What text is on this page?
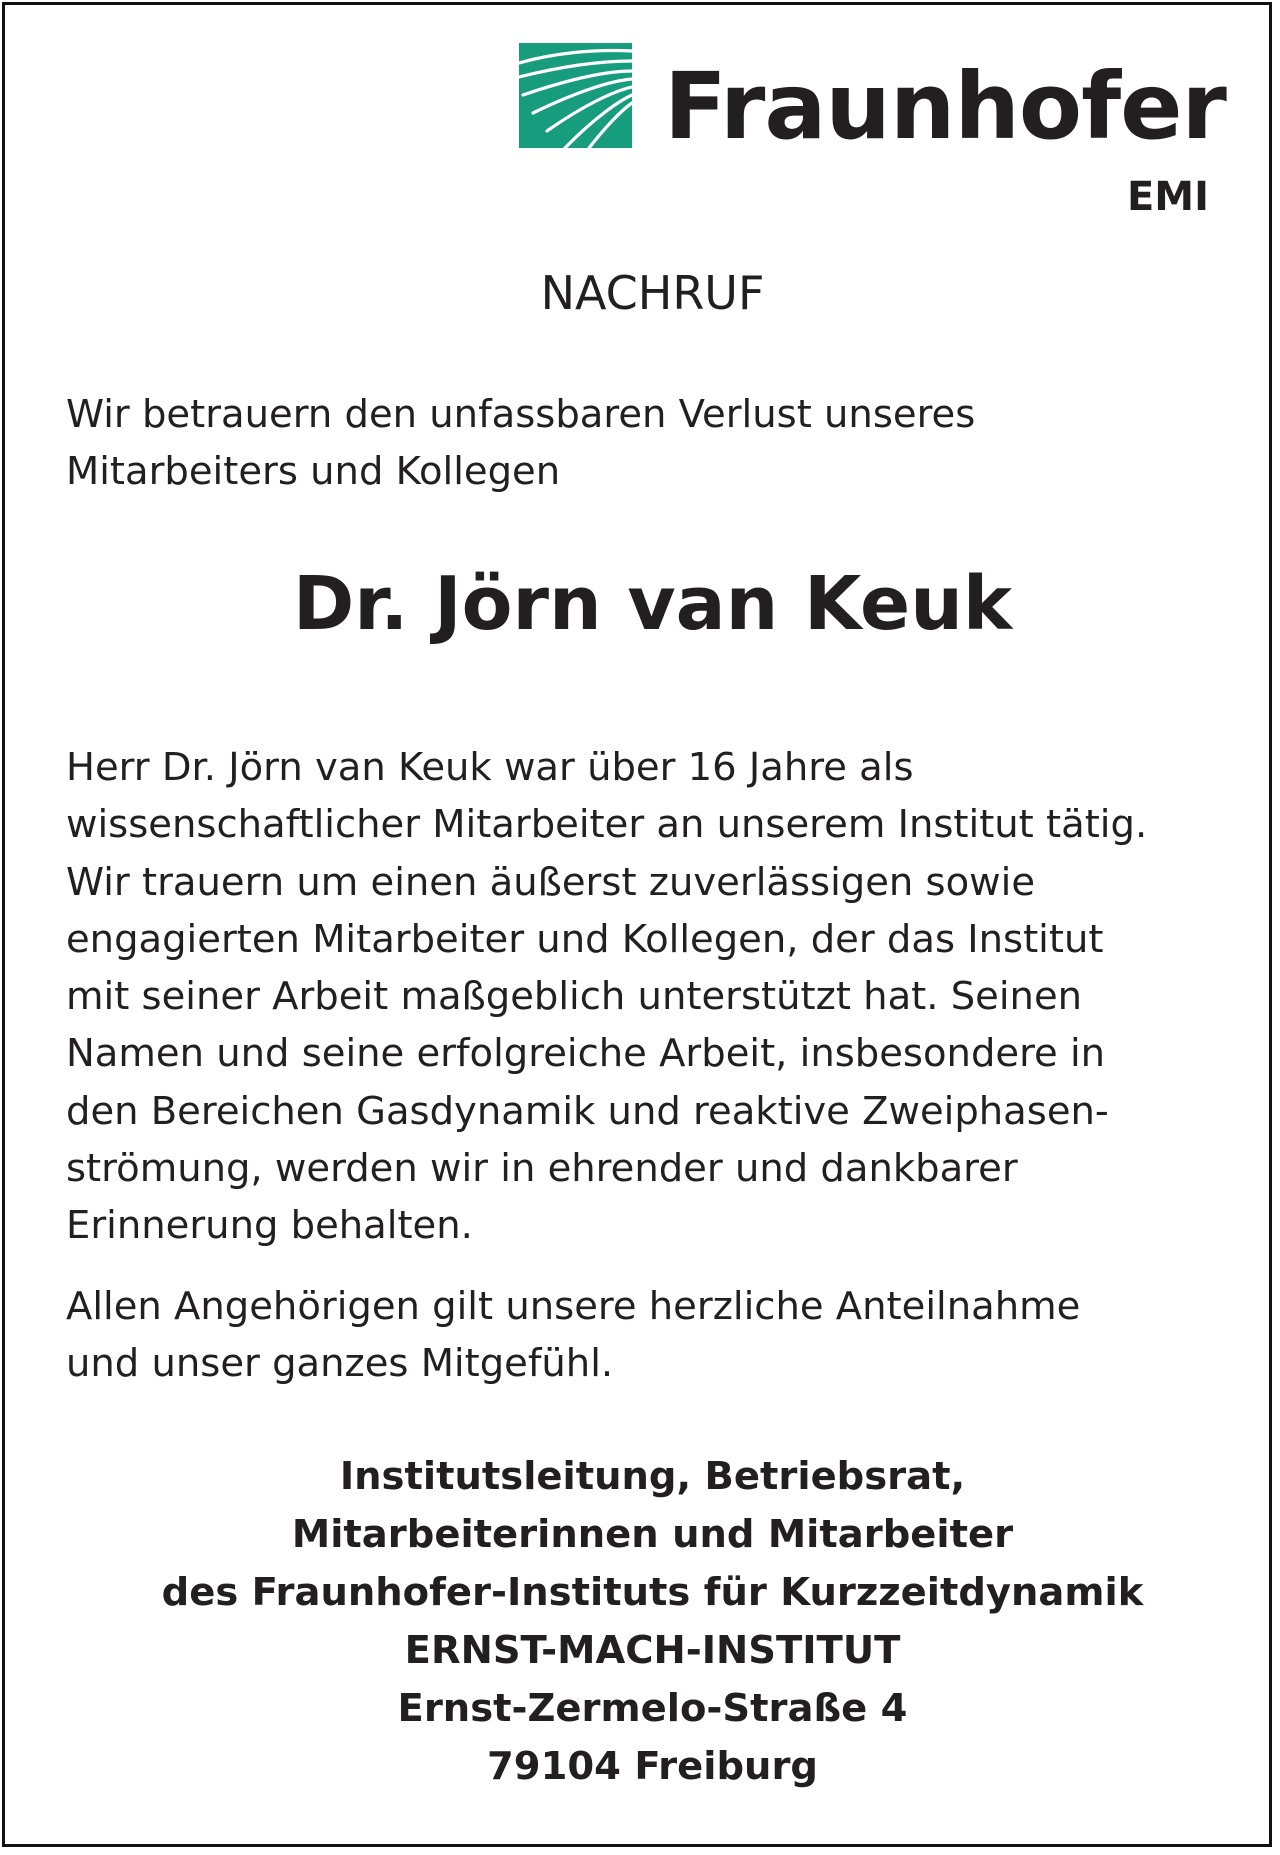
Fraunhofer
EMI
NACHRUF
Wir betrauern den unfassbaren Verlust unseres
Mitarbeiters und Kollegen
Dr. Jörn van Keuk
Herr Dr. Jörn van Keuk war über 16 Jahre als
wissenschaftlicher Mitarbeiter an unserem Institut tätig.
Wir trauern um einen äußerst zuverlässigen sowie
engagierten Mitarbeiter und Kollegen, der das Institut
mit seiner Arbeit maßgeblich unterstützt hat. Seinen
Namen und seine erfolgreiche Arbeit, insbesondere in
den Bereichen Gasdynamik und reaktive Zweiphasen-
strömung, werden wir in ehrender und dankbarer
Erinnerung behalten.
Allen Angehörigen gilt unsere herzliche Anteilnahme
und unser ganzes Mitgefühl.
Institutsleitung, Betriebsrat,
Mitarbeiterinnen und Mitarbeiter
des Fraunhofer-Instituts für Kurzzeitdynamik
ERNST-MACH-INSTITUT
Ernst-Zermelo-Straße 4
79104 Freiburg
